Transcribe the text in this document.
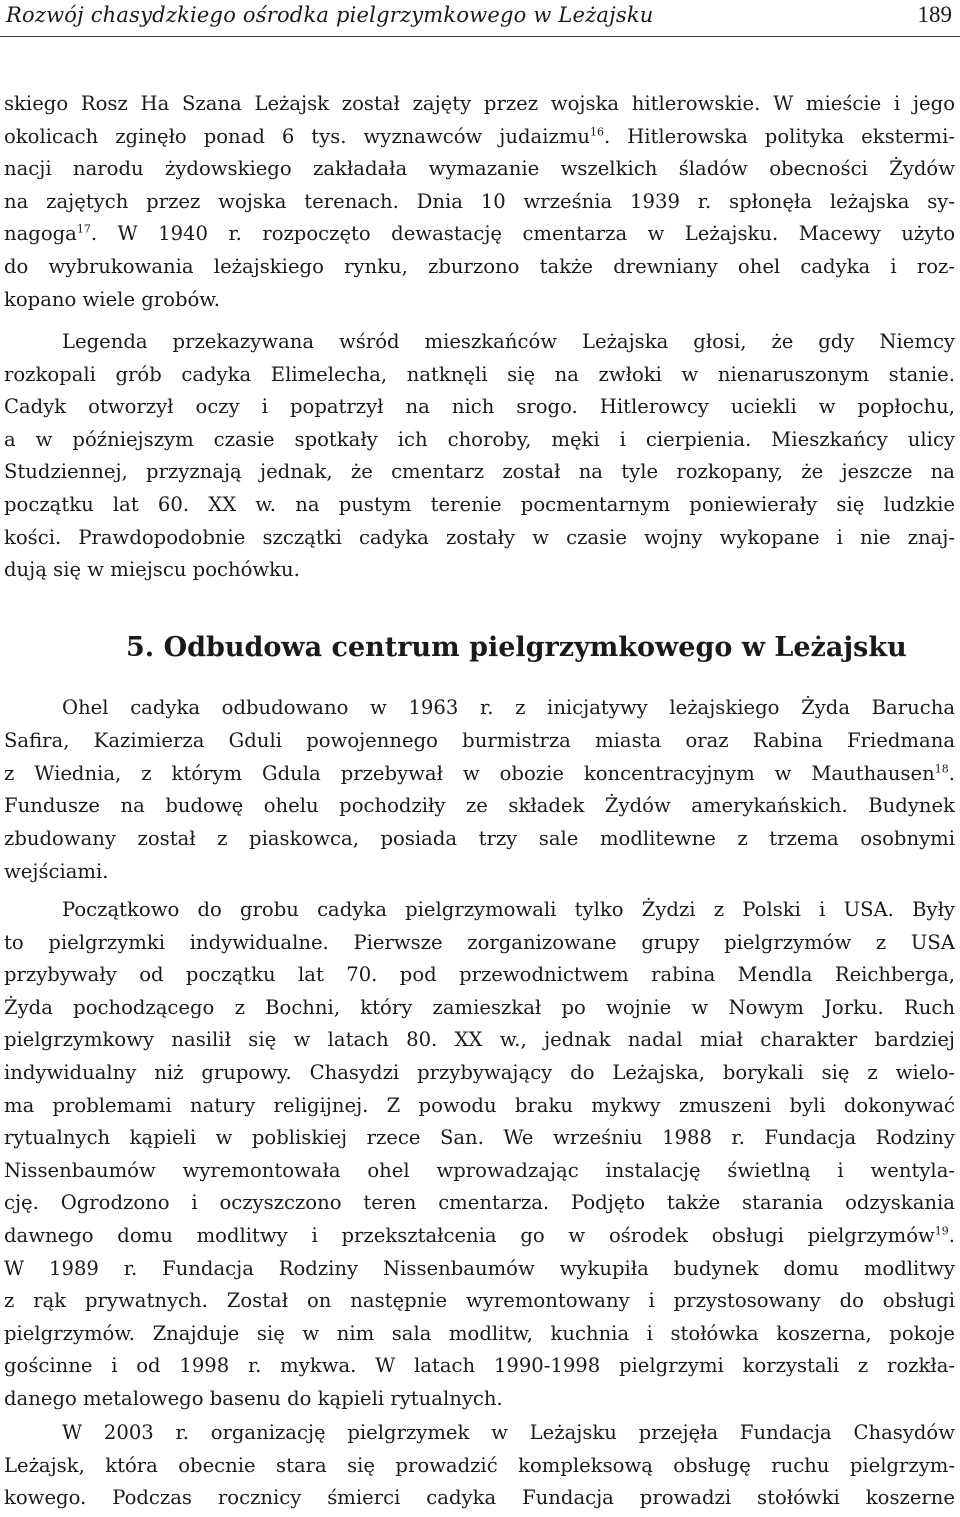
Rozwój chasydzkiego ośrodka pielgrzymkowego w Leżajsku	189
skiego Rosz Ha Szana Leżajsk został zajęty przez wojska hitlerowskie. W mieście i jego
okolicach zginęło ponad 6 tys. wyznawców judaizmu$^{16}$. Hitlerowska polityka ekstermi-
nacji narodu żydowskiego zakładała wymazanie wszelkich śladów obecności Żydów
na zajętych przez wojska terenach. Dnia 10 września 1939 r. spłonęła leżajska sy-
nagoga$^{17}$. W 1940 r. rozpoczęto dewastację cmentarza w Leżajsku. Macewy użyto
do wybrukowania leżajskiego rynku, zburzono także drewniany ohel cadyka i roz-
kopano wiele grobów.
Legenda przekazywana wśród mieszkańców Leżajska głosi, że gdy Niemcy
rozkopali grób cadyka Elimelecha, natknęli się na zwłoki w nienaruszonym stanie.
Cadyk otworzył oczy i popatrzył na nich srogo. Hitlerowcy uciekli w popłochu,
a w późniejszym czasie spotkały ich choroby, męki i cierpienia. Mieszkańcy ulicy
Studziennej, przyznają jednak, że cmentarz został na tyle rozkopany, że jeszcze na
początku lat 60. XX w. na pustym terenie pocmentarnym poniewierały się ludzkie
kości. Prawdopodobnie szczątki cadyka zostały w czasie wojny wykopane i nie znaj-
dują się w miejscu pochówku.
5. Odbudowa centrum pielgrzymkowego w Leżajsku
Ohel cadyka odbudowano w 1963 r. z inicjatywy leżajskiego Żyda Barucha
Safira, Kazimierza Gduli powojennego burmistrza miasta oraz Rabina Friedmana
z Wiednia, z którym Gdula przebywał w obozie koncentracyjnym w Mauthausen$^{18}$.
Fundusze na budowę ohelu pochodziły ze składek Żydów amerykańskich. Budynek
zbudowany został z piaskowca, posiada trzy sale modlitewne z trzema osobnymi
wejściami.
Początkowo do grobu cadyka pielgrzymowali tylko Żydzi z Polski i USA. Były
to pielgrzymki indywidualne. Pierwsze zorganizowane grupy pielgrzymów z USA
przybywały od początku lat 70. pod przewodnictwem rabina Mendla Reichberga,
Żyda pochodzącego z Bochni, który zamieszkał po wojnie w Nowym Jorku. Ruch
pielgrzymkowy nasilił się w latach 80. XX w., jednak nadal miał charakter bardziej
indywidualny niż grupowy. Chasydzi przybywający do Leżajska, borykali się z wielo-
ma problemami natury religijnej. Z powodu braku mykwy zmuszeni byli dokonywać
rytualnych kąpieli w pobliskiej rzece San. We wrześniu 1988 r. Fundacja Rodziny
Nissenbaumów wyremontowała ohel wprowadzając instalację świetlną i wentyla-
cję. Ogrodzono i oczyszczono teren cmentarza. Podjęto także starania odzyskania
dawnego domu modlitwy i przekształcenia go w ośrodek obsługi pielgrzymów$^{19}$.
W 1989 r. Fundacja Rodziny Nissenbaumów wykupiła budynek domu modlitwy
z rąk prywatnych. Został on następnie wyremontowany i przystosowany do obsługi
pielgrzymów. Znajduje się w nim sala modlitw, kuchnia i stołówka koszerna, pokoje
gościnne i od 1998 r. mykwa. W latach 1990-1998 pielgrzymi korzystali z rozkła-
danego metalowego basenu do kąpieli rytualnych.
W 2003 r. organizację pielgrzymek w Leżajsku przejęła Fundacja Chasydów
Leżajsk, która obecnie stara się prowadzić kompleksową obsługę ruchu pielgrzym-
kowego. Podczas rocznicy śmierci cadyka Fundacja prowadzi stołówki koszerne
